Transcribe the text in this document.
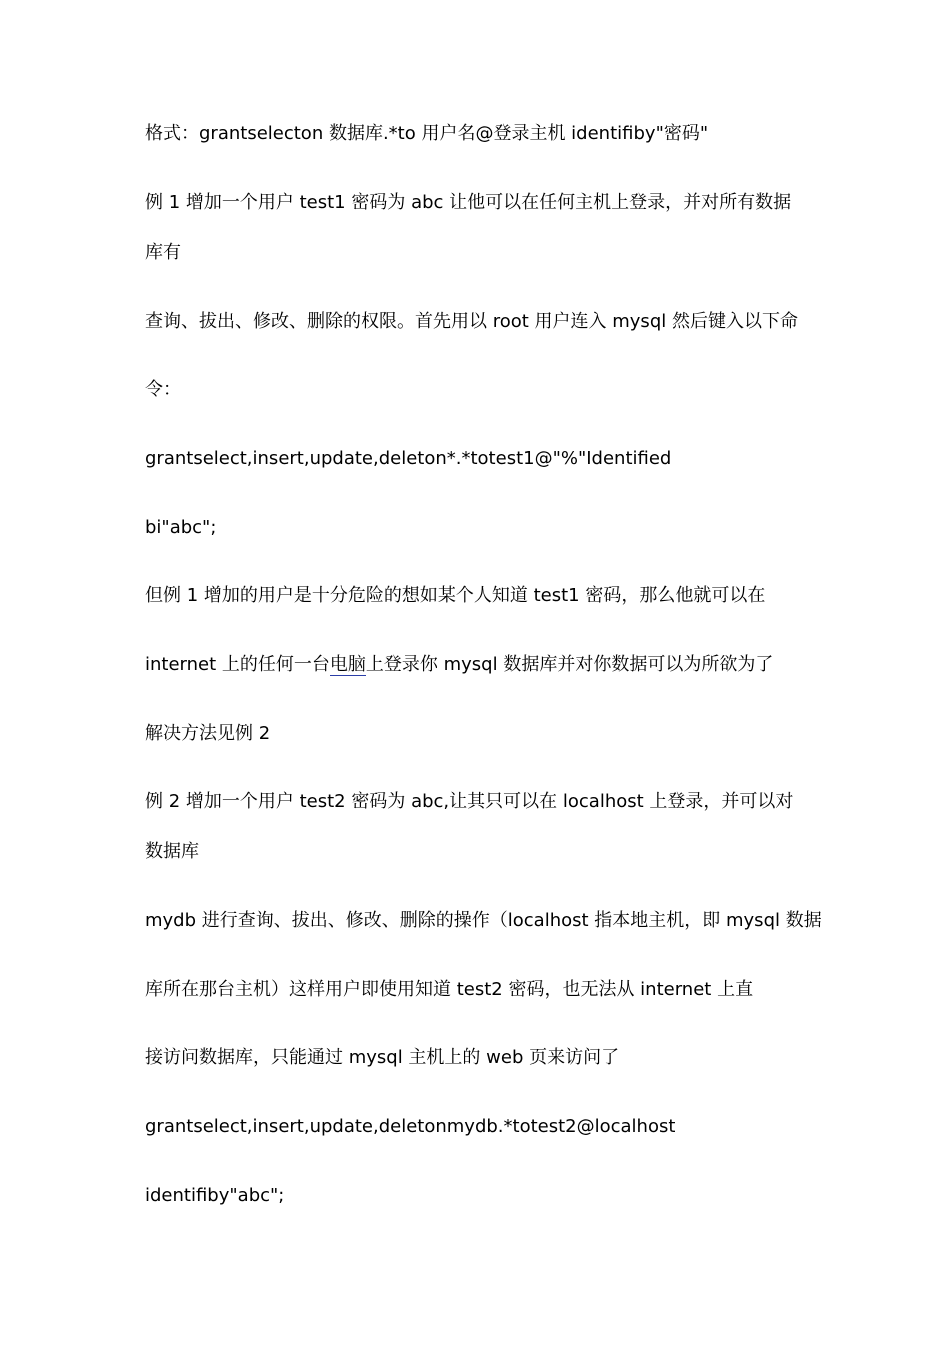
格式：grantselecton 数据库.*to 用户名@登录主机 identifiby"密码"

例 1 增加一个用户 test1 密码为 abc 让他可以在任何主机上登录，并对所有数据

库有

查询、拔出、修改、删除的权限。首先用以 root 用户连入 mysql 然后键入以下命

令：

grantselect,insert,update,deleton*.*totest1@"%"Identified

bi"abc";

但例 1 增加的用户是十分危险的想如某个人知道 test1 密码，那么他就可以在

internet 上的任何一台电脑上登录你 mysql 数据库并对你数据可以为所欲为了

解决方法见例 2

例 2 增加一个用户 test2 密码为 abc,让其只可以在 localhost 上登录，并可以对

数据库

mydb 进行查询、拔出、修改、删除的操作（localhost 指本地主机，即 mysql 数据

库所在那台主机）这样用户即使用知道 test2 密码，也无法从 internet 上直

接访问数据库，只能通过 mysql 主机上的 web 页来访问了

grantselect,insert,update,deletonmydb.*totest2@localhost

identifiby"abc";
